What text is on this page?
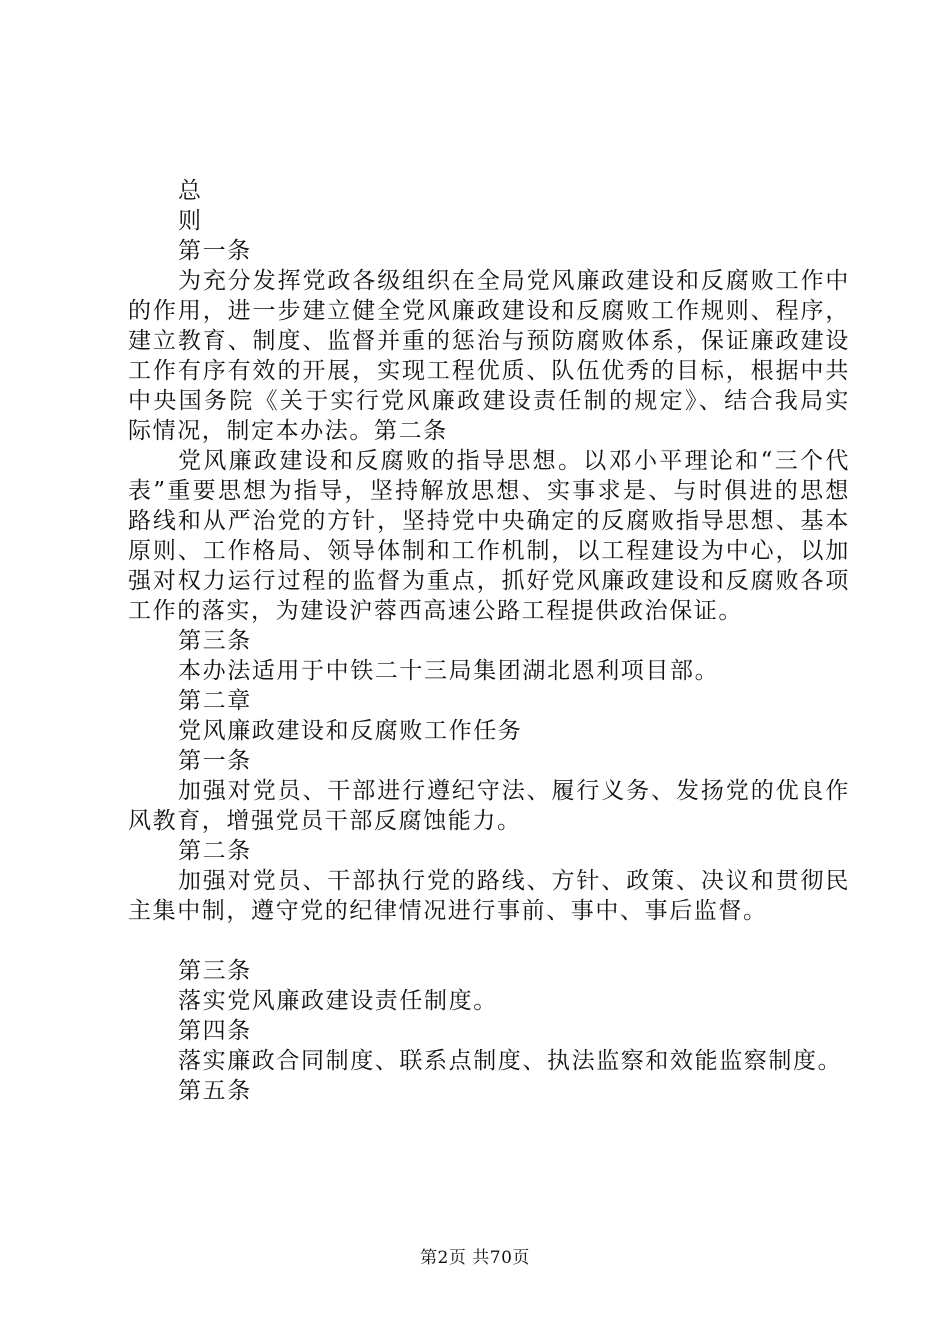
总

则

第一条

为充分发挥党政各级组织在全局党风廉政建设和反腐败工作中的作用，进一步建立健全党风廉政建设和反腐败工作规则、程序，建立教育、制度、监督并重的惩治与预防腐败体系，保证廉政建设工作有序有效的开展，实现工程优质、队伍优秀的目标，根据中共中央国务院《关于实行党风廉政建设责任制的规定》、结合我局实际情况，制定本办法。第二条

党风廉政建设和反腐败的指导思想。以邓小平理论和“三个代表”重要思想为指导，坚持解放思想、实事求是、与时俱进的思想路线和从严治党的方针，坚持党中央确定的反腐败指导思想、基本原则、工作格局、领导体制和工作机制，以工程建设为中心，以加强对权力运行过程的监督为重点，抓好党风廉政建设和反腐败各项工作的落实，为建设沪蓉西高速公路工程提供政治保证。

第三条

本办法适用于中铁二十三局集团湖北恩利项目部。

第二章

党风廉政建设和反腐败工作任务

第一条

加强对党员、干部进行遵纪守法、履行义务、发扬党的优良作风教育，增强党员干部反腐蚀能力。

第二条

加强对党员、干部执行党的路线、方针、政策、决议和贯彻民主集中制，遵守党的纪律情况进行事前、事中、事后监督。

第三条

落实党风廉政建设责任制度。

第四条

落实廉政合同制度、联系点制度、执法监察和效能监察制度。

第五条

第2页 共70页
